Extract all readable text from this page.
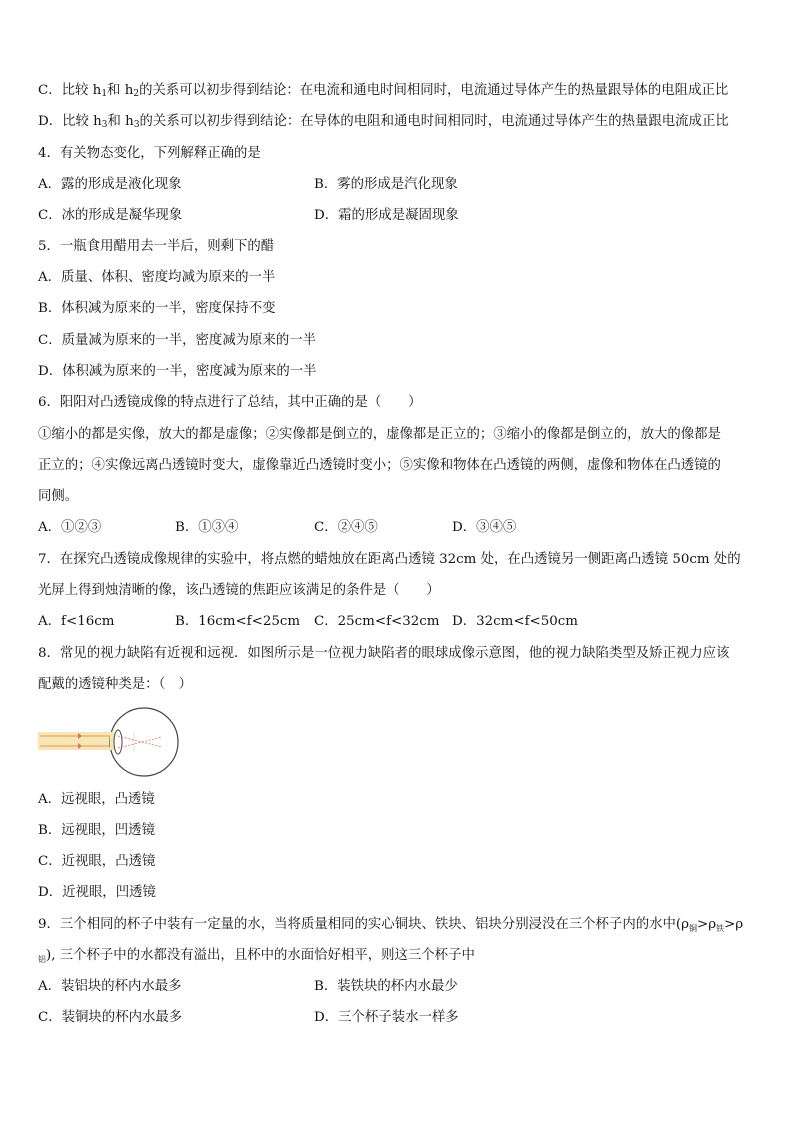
C．比较 $h_1$和 $h_2$的关系可以初步得到结论：在电流和通电时间相同时，电流通过导体产生的热量跟导体的电阻成正比
D．比较 $h_3$和 $h_3$的关系可以初步得到结论：在导体的电阻和通电时间相同时，电流通过导体产生的热量跟电流成正比
4．有关物态变化，下列解释正确的是
A．露的形成是液化现象	B．雾的形成是汽化现象
C．冰的形成是凝华现象	D．霜的形成是凝固现象
5．一瓶食用醋用去一半后，则剩下的醋
A．质量、体积、密度均减为原来的一半
B．体积减为原来的一半，密度保持不变
C．质量减为原来的一半，密度减为原来的一半
D．体积减为原来的一半，密度减为原来的一半
6．阳阳对凸透镜成像的特点进行了总结，其中正确的是（　　）
①缩小的都是实像，放大的都是虚像；②实像都是倒立的，虚像都是正立的；③缩小的像都是倒立的，放大的像都是
正立的；④实像远离凸透镜时变大，虚像靠近凸透镜时变小；⑤实像和物体在凸透镜的两侧，虚像和物体在凸透镜的
同侧。
A．①②③	B．①③④	C．②④⑤	D．③④⑤
7．在探究凸透镜成像规律的实验中，将点燃的蜡烛放在距离凸透镜 32cm 处，在凸透镜另一侧距离凸透镜 50cm 处的
光屏上得到烛清晰的像，该凸透镜的焦距应该满足的条件是（　　）
A．f<16cm	B．16cm<f<25cm C．25cm<f<32cm D．32cm<f<50cm
8．常见的视力缺陷有近视和远视．如图所示是一位视力缺陷者的眼球成像示意图，他的视力缺陷类型及矫正视力应该
配戴的透镜种类是：（　）
A．远视眼，凸透镜
B．远视眼，凹透镜
C．近视眼，凸透镜
D．近视眼，凹透镜
9．三个相同的杯子中装有一定量的水，当将质量相同的实心铜块、铁块、铝块分别浸没在三个杯子内的水中($\rho_铜>\rho_铁>\rho$
$_铝$), 三个杯子中的水都没有溢出，且杯中的水面恰好相平，则这三个杯子中
A．装铝块的杯内水最多	B．装铁块的杯内水最少
C．装铜块的杯内水最多	D．三个杯子装水一样多
